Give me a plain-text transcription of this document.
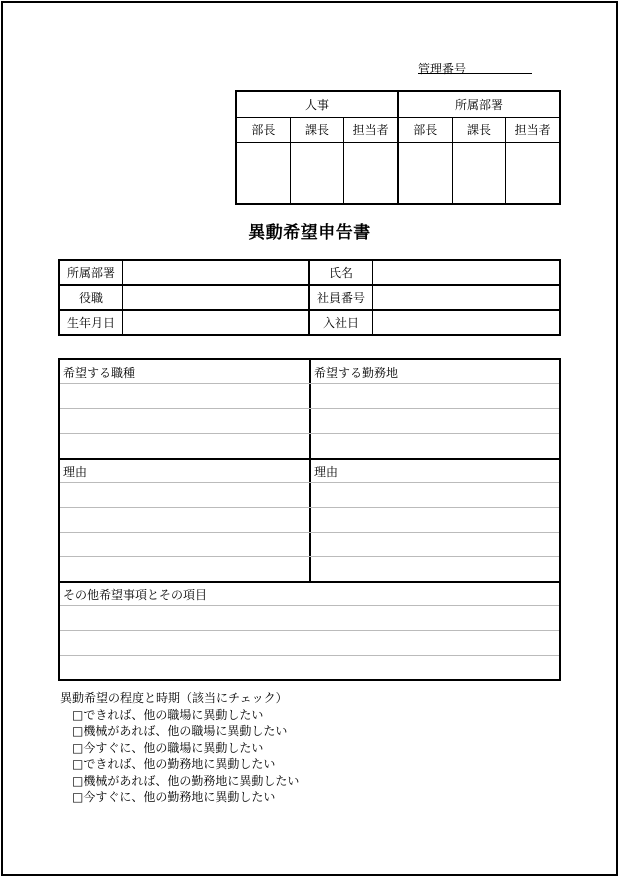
管理番号
人事			所属部署		
部長	課長	担当者	部長	課長	担当者

異動希望申告書
所属部署		氏名	
役職		社員番号	
生年月日		入社日	
希望する職種	希望する勤務地
理由	理由
その他希望事項とその項目
異動希望の程度と時期（該当にチェック）
□できれば、他の職場に異動したい
□機械があれば、他の職場に異動したい
□今すぐに、他の職場に異動したい
□できれば、他の勤務地に異動したい
□機械があれば、他の勤務地に異動したい
□今すぐに、他の勤務地に異動したい
